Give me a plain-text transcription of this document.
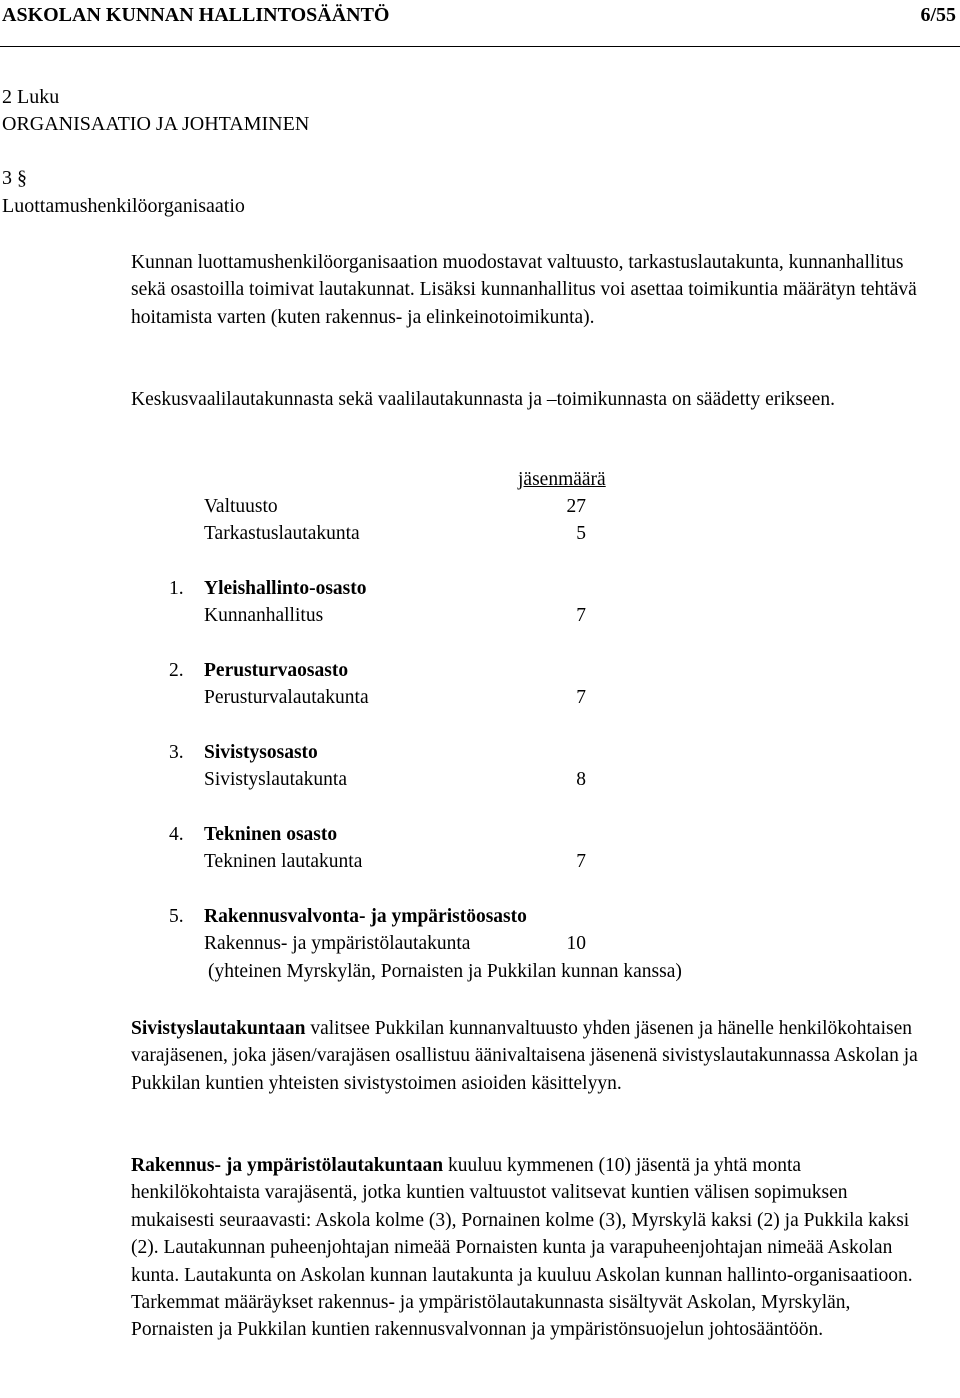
ASKOLAN KUNNAN HALLINTOSÄÄNTÖ	6/55
2 Luku
ORGANISAATIO JA JOHTAMINEN
3 §
Luottamushenkilöorganisaatio
Kunnan luottamushenkilöorganisaation muodostavat valtuusto, tarkastuslautakunta, kunnanhallitus sekä osastoilla toimivat lautakunnat. Lisäksi kunnanhallitus voi asettaa toimikuntia määrätyn tehtävä hoitamista varten (kuten rakennus- ja elinkeinotoimikunta).
Keskusvaalilautakunnasta sekä vaalilautakunnasta ja –toimikunnasta on säädetty erikseen.
jäsenmäärä
Valtuusto	27
Tarkastuslautakunta	5
1. Yleishallinto-osasto
Kunnanhallitus	7
2. Perusturvaosasto
Perusturvalautakunta	7
3. Sivistysosasto
Sivistyslautakunta	8
4. Tekninen osasto
Tekninen lautakunta	7
5. Rakennusvalvonta- ja ympäristöosasto
Rakennus- ja ympäristölautakunta	10
(yhteinen Myrskylän, Pornaisten ja Pukkilan kunnan kanssa)
Sivistyslautakuntaan valitsee Pukkilan kunnanvaltuusto yhden jäsenen ja hänelle henkilökohtaisen varajäsenen, joka jäsen/varajäsen osallistuu äänivaltaisena jäsenenä sivistyslautakunnassa Askolan ja Pukkilan kuntien yhteisten sivistystoimen asioiden käsittelyyn.
Rakennus- ja ympäristölautakuntaan kuuluu kymmenen (10) jäsentä ja yhtä monta henkilökohtaista varajäsentä, jotka kuntien valtuustot valitsevat kuntien välisen sopimuksen mukaisesti seuraavasti: Askola kolme (3), Pornainen kolme (3), Myrskylä kaksi (2) ja Pukkila kaksi (2). Lautakunnan puheenjohtajan nimeää Pornaisten kunta ja varapuheenjohtajan nimeää Askolan kunta. Lautakunta on Askolan kunnan lautakunta ja kuuluu Askolan kunnan hallinto-organisaatioon. Tarkemmat määräykset rakennus- ja ympäristölautakunnasta sisältyvät Askolan, Myrskylän, Pornaisten ja Pukkilan kuntien rakennusvalvonnan ja ympäristönsuojelun johtosääntöön.
